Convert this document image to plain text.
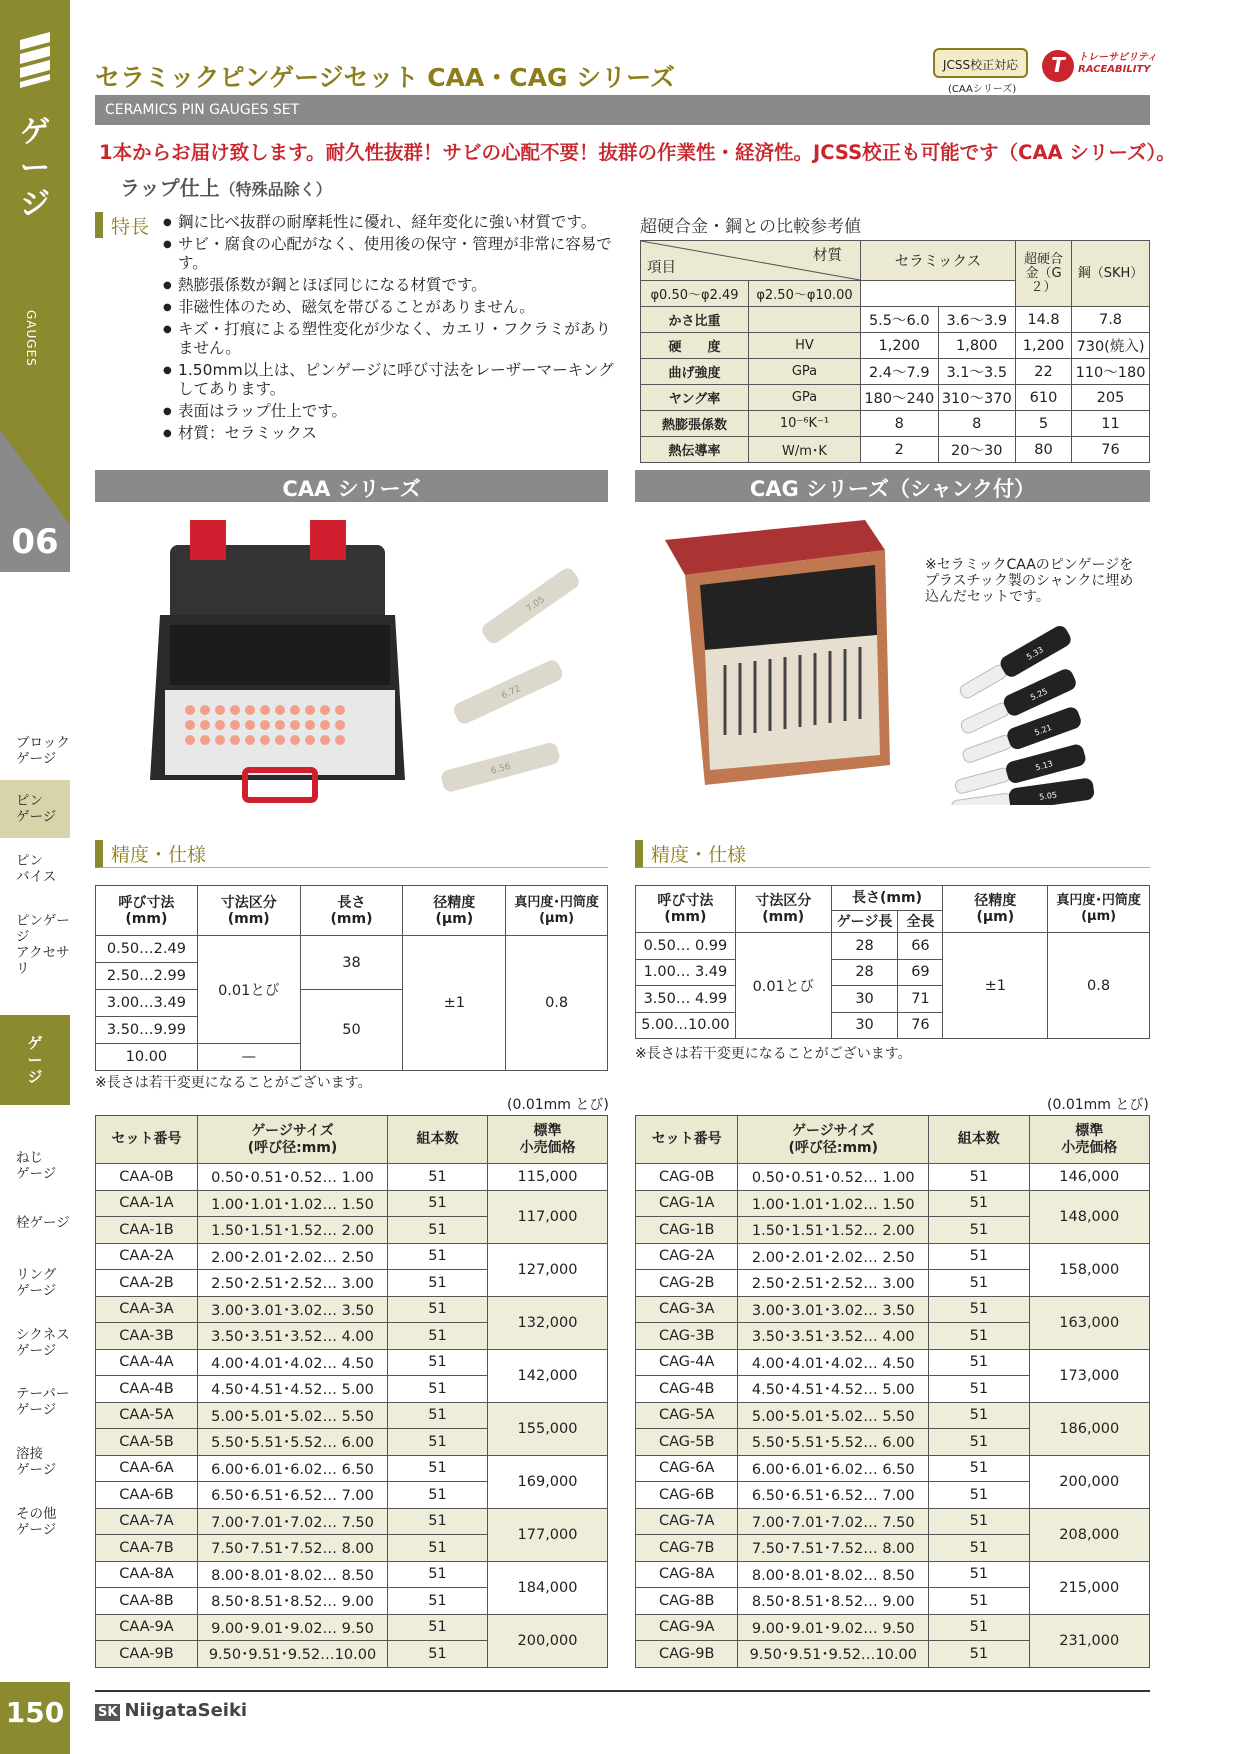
ゲ
ー
ジ
GAUGES
06
ブロック
ゲージ
ピン
ゲージ
ピン
バイス
ピンゲージ
アクセサリ
ゲ
ー
ジ
ねじ
ゲージ
栓ゲージ
リング
ゲージ
シクネス
ゲージ
テーパー
ゲージ
溶接
ゲージ
その他
ゲージ
150
セラミックピンゲージセット CAA・CAG シリーズ	JCSS校正対応
(CAAシリーズ)
T	トレーサビリティ
RACEABILITY
CERAMICS PIN GAUGES SET
1本からお届け致します。耐久性抜群！サビの心配不要！抜群の作業性・経済性。JCSS校正も可能です（CAA シリーズ）。
ラップ仕上（特殊品除く）
特長	● 鋼に比べ抜群の耐摩耗性に優れ、経年変化に強い材質です。
● サビ・腐食の心配がなく、使用後の保守・管理が非常に容易です。
● 熱膨張係数が鋼とほぼ同じになる材質です。
● 非磁性体のため、磁気を帯びることがありません。
● キズ・打痕による塑性変化が少なく、カエリ・フクラミがありません。
● 1.50mm以上は、ピンゲージに呼び寸法をレーザーマーキングしてあります。
● 表面はラップ仕上です。
● 材質：セラミックス
超硬合金・鋼との比較参考値
材質
項目		セラミックス		超硬合金（G２）	鋼（SKH）
φ0.50〜φ2.49	φ2.50〜φ10.00				
かさ比重		5.5〜6.0	3.6〜3.9	14.8	7.8
硬　　度	HV	1,200	1,800	1,200	730(焼入)
曲げ強度	GPa	2.4〜7.9	3.1〜3.5	22	110〜180
ヤング率	GPa	180〜240	310〜370	610	205
熱膨張係数	10⁻⁶K⁻¹	8	8	5	11
熱伝導率	W/m･K	2	20〜30	80	76
CAA シリーズ	CAG シリーズ（シャンク付）
7.05
6.72
6.56
※セラミックCAAのピンゲージをプラスチック製のシャンクに埋め込んだセットです。
5.33
5.25
5.21
5.13
5.05
精度・仕様
呼び寸法
(mm)	寸法区分
(mm)	長さ
(mm)	径精度
(μm)	真円度･円筒度
(μm)
0.50…2.49	0.01とび	38	±1	0.8
2.50…2.99				
3.00…3.49		50		
3.50…9.99				
10.00	—			
※長さは若干変更になることがございます。
精度・仕様
呼び寸法
(mm)	寸法区分
(mm)	長さ(mm)		径精度
(μm)	真円度･円筒度
(μm)
		ゲージ長	全長		
0.50… 0.99	0.01とび	28	66	±1	0.8
1.00… 3.49		28	69		
3.50… 4.99		30	71		
5.00…10.00		30	76		
※長さは若干変更になることがございます。
(0.01mm とび)	(0.01mm とび)
セット番号	ゲージサイズ
(呼び径:mm)	組本数	標準
小売価格
CAA-0B	0.50･0.51･0.52… 1.00	51	115,000
CAA-1A	1.00･1.01･1.02… 1.50	51	117,000
CAA-1B	1.50･1.51･1.52… 2.00	51	
CAA-2A	2.00･2.01･2.02… 2.50	51	127,000
CAA-2B	2.50･2.51･2.52… 3.00	51	
CAA-3A	3.00･3.01･3.02… 3.50	51	132,000
CAA-3B	3.50･3.51･3.52… 4.00	51	
CAA-4A	4.00･4.01･4.02… 4.50	51	142,000
CAA-4B	4.50･4.51･4.52… 5.00	51	
CAA-5A	5.00･5.01･5.02… 5.50	51	155,000
CAA-5B	5.50･5.51･5.52… 6.00	51	
CAA-6A	6.00･6.01･6.02… 6.50	51	169,000
CAA-6B	6.50･6.51･6.52… 7.00	51	
CAA-7A	7.00･7.01･7.02… 7.50	51	177,000
CAA-7B	7.50･7.51･7.52… 8.00	51	
CAA-8A	8.00･8.01･8.02… 8.50	51	184,000
CAA-8B	8.50･8.51･8.52… 9.00	51	
CAA-9A	9.00･9.01･9.02… 9.50	51	200,000
CAA-9B	9.50･9.51･9.52…10.00	51	
セット番号	ゲージサイズ
(呼び径:mm)	組本数	標準
小売価格
CAG-0B	0.50･0.51･0.52… 1.00	51	146,000
CAG-1A	1.00･1.01･1.02… 1.50	51	148,000
CAG-1B	1.50･1.51･1.52… 2.00	51	
CAG-2A	2.00･2.01･2.02… 2.50	51	158,000
CAG-2B	2.50･2.51･2.52… 3.00	51	
CAG-3A	3.00･3.01･3.02… 3.50	51	163,000
CAG-3B	3.50･3.51･3.52… 4.00	51	
CAG-4A	4.00･4.01･4.02… 4.50	51	173,000
CAG-4B	4.50･4.51･4.52… 5.00	51	
CAG-5A	5.00･5.01･5.02… 5.50	51	186,000
CAG-5B	5.50･5.51･5.52… 6.00	51	
CAG-6A	6.00･6.01･6.02… 6.50	51	200,000
CAG-6B	6.50･6.51･6.52… 7.00	51	
CAG-7A	7.00･7.01･7.02… 7.50	51	208,000
CAG-7B	7.50･7.51･7.52… 8.00	51	
CAG-8A	8.00･8.01･8.02… 8.50	51	215,000
CAG-8B	8.50･8.51･8.52… 9.00	51	
CAG-9A	9.00･9.01･9.02… 9.50	51	231,000
CAG-9B	9.50･9.51･9.52…10.00	51	
SK NiigataSeiki
